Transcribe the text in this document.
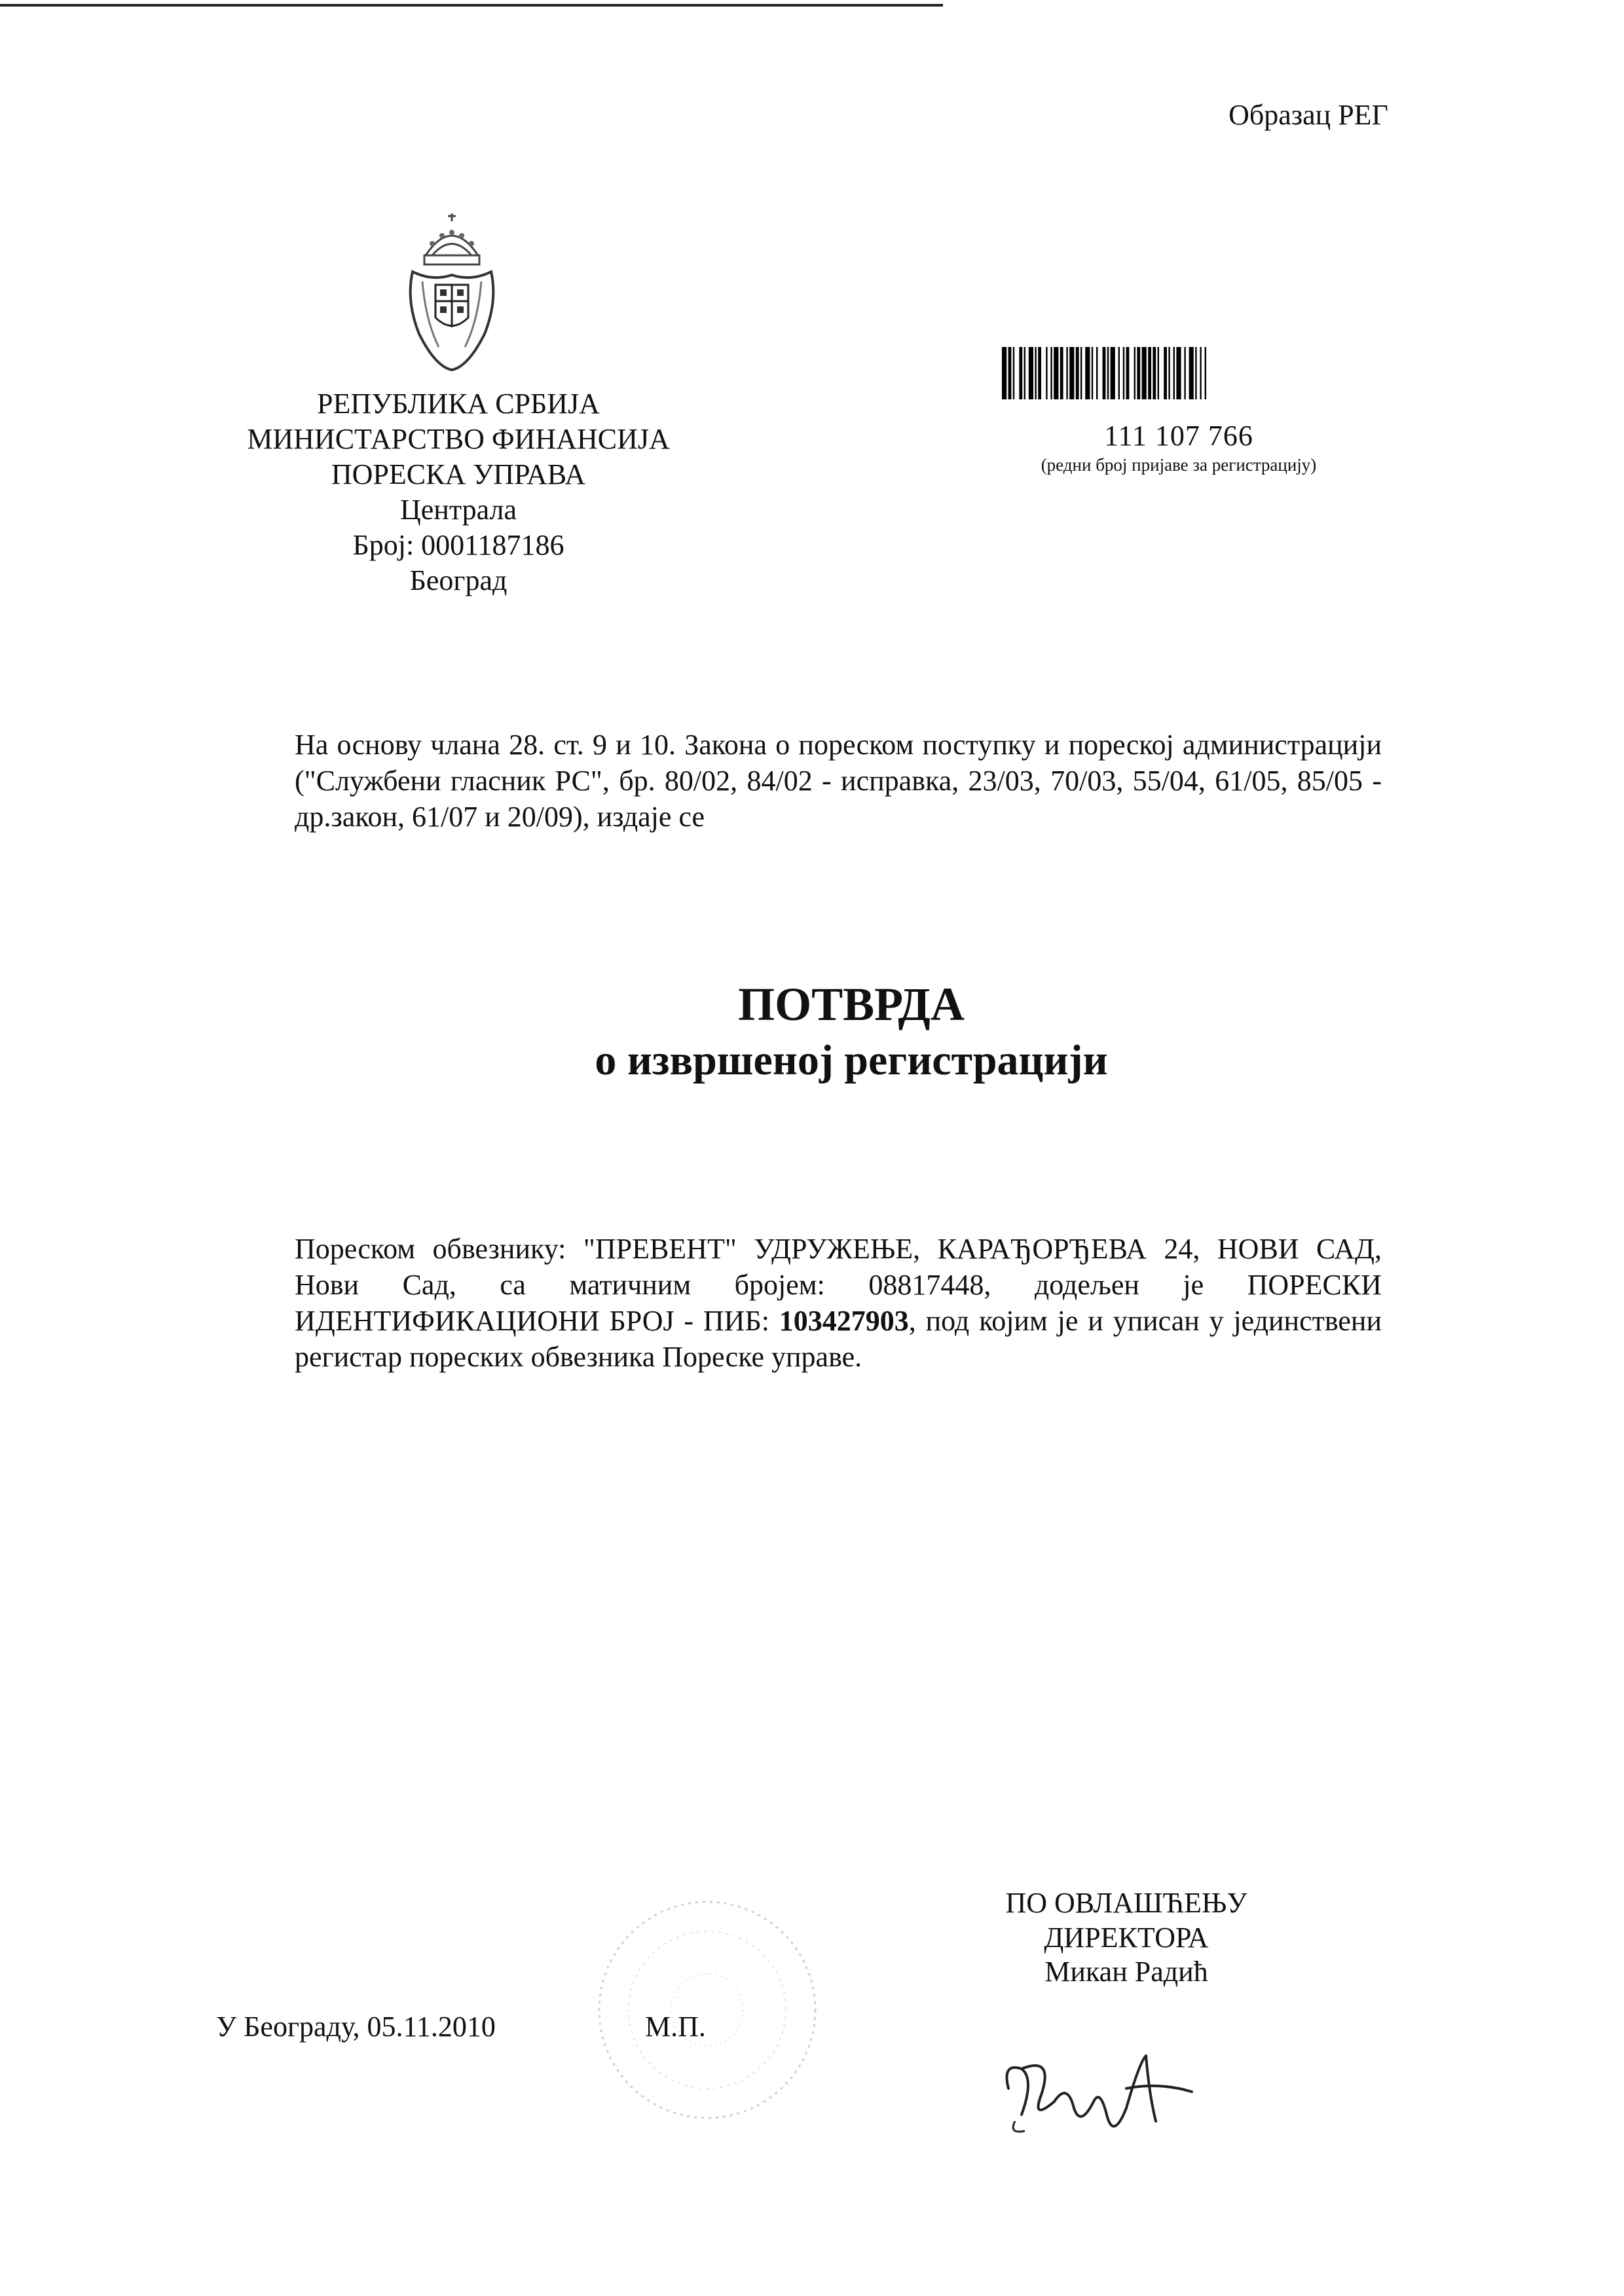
Образац РЕГ
РЕПУБЛИКА СРБИЈА
МИНИСТАРСТВО ФИНАНСИЈА
ПОРЕСКА УПРАВА
Централа
Број: 0001187186
Београд
111 107 766
(редни број пријаве за регистрацију)

На основу члана 28. ст. 9 и 10. Закона о пореском поступку и пореској администрацији ("Службени гласник РС", бр. 80/02, 84/02 - исправка, 23/03, 70/03, 55/04, 61/05, 85/05 - др.закон, 61/07 и 20/09), издаје се

ПОТВРДА
о извршеној регистрацији
Пореском обвезнику: "ПРЕВЕНТ" УДРУЖЕЊЕ, КАРАЂОРЂЕВА 24, НОВИ САД, Нови Сад, са матичним бројем: 08817448, додељен је ПОРЕСКИ ИДЕНТИФИКАЦИОНИ БРОЈ - ПИБ: 103427903, под којим је и уписан у јединствени регистар пореских обвезника Пореске управе.
У Београду, 05.11.2010	М.П.
ПО ОВЛАШЋЕЊУ
ДИРЕКТОРА
Микан Радић
